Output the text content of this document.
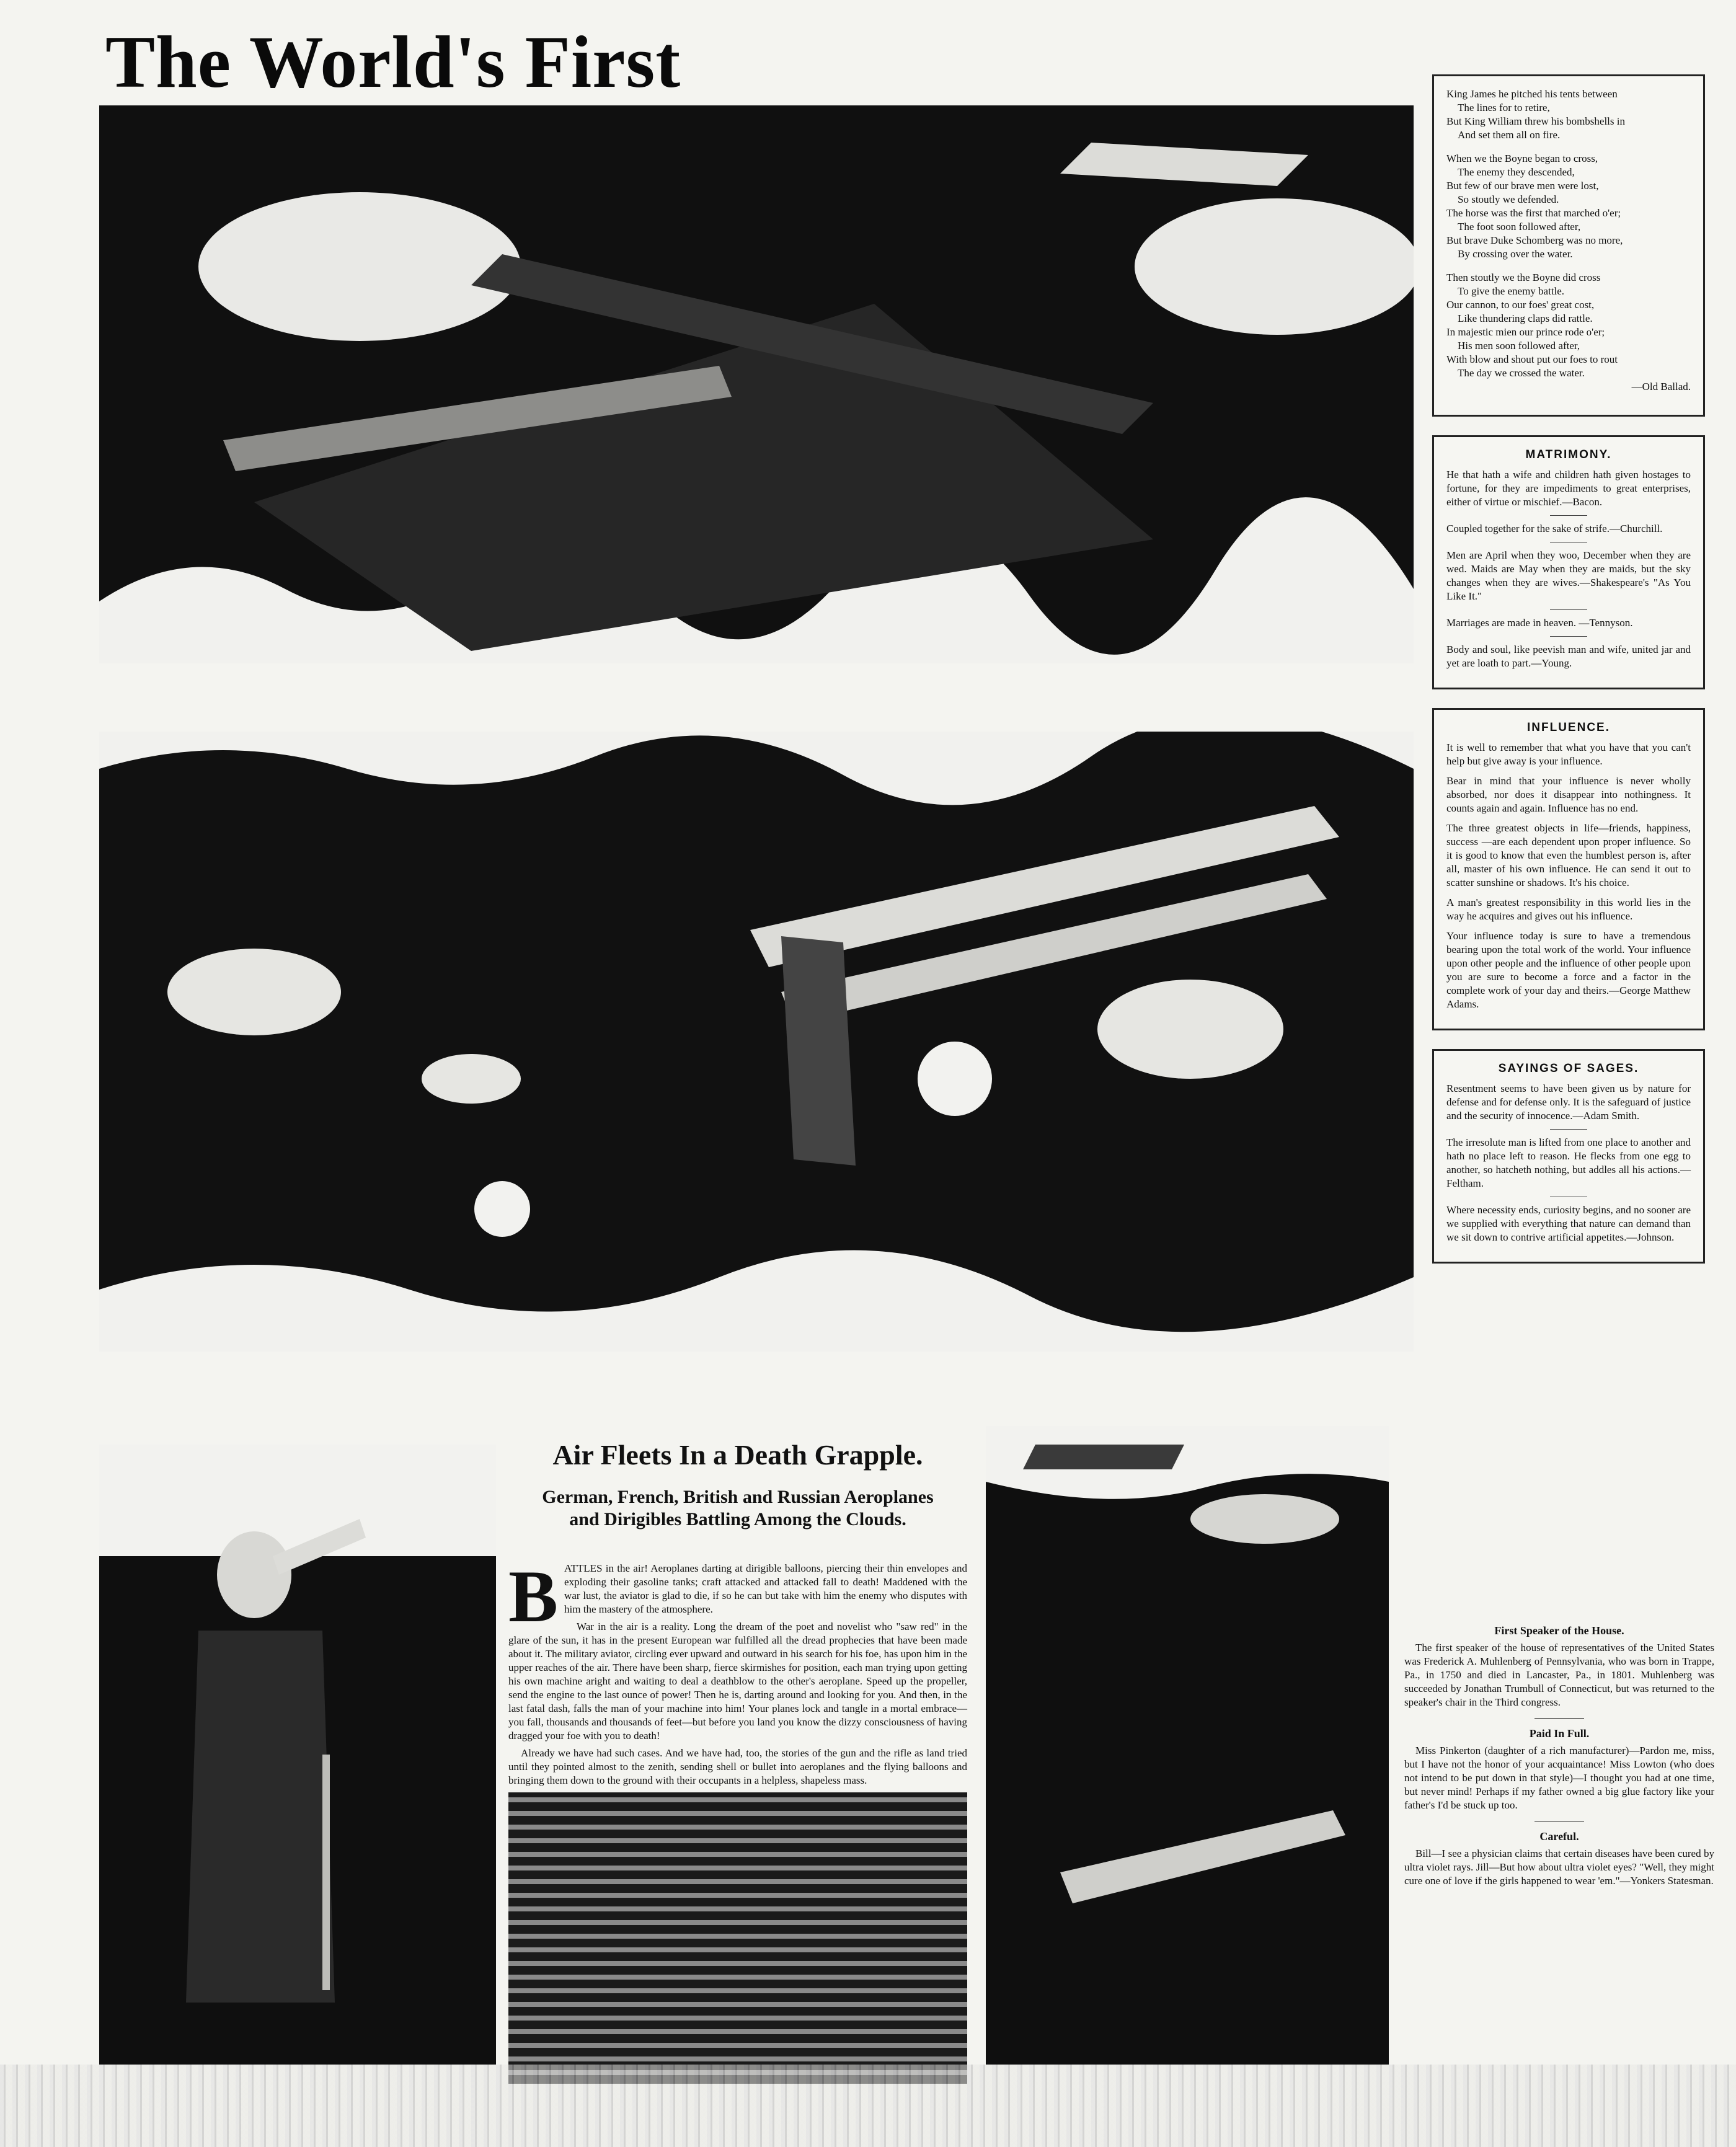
The World's First	King James he pitched his tents between
The lines for to retire,
But King William threw his bombshells in
And set them all on fire.
When we the Boyne began to cross,
The enemy they descended,
But few of our brave men were lost,
So stoutly we defended.
The horse was the first that marched o'er;
The foot soon followed after,
But brave Duke Schomberg was no more,
By crossing over the water.
Then stoutly we the Boyne did cross
To give the enemy battle.
Our cannon, to our foes' great cost,
Like thundering claps did rattle.
In majestic mien our prince rode o'er;
His men soon followed after,
With blow and shout put our foes to rout
The day we crossed the water.
—Old Ballad.
MATRIMONY.

He that hath a wife and children hath given hostages to fortune, for they are impediments to great enterprises, either of virtue or mischief.—Bacon.

Coupled together for the sake of strife.—Churchill.

Men are April when they woo, December when they are wed. Maids are May when they are maids, but the sky changes when they are wives.—Shakespeare's "As You Like It."

Marriages are made in heaven. —Tennyson.

Body and soul, like peevish man and wife, united jar and yet are loath to part.—Young.

INFLUENCE.

It is well to remember that what you have that you can't help but give away is your influence.

Bear in mind that your influence is never wholly absorbed, nor does it disappear into nothingness. It counts again and again. Influence has no end.

The three greatest objects in life—friends, happiness, success —are each dependent upon proper influence. So it is good to know that even the humblest person is, after all, master of his own influence. He can send it out to scatter sunshine or shadows. It's his choice.

A man's greatest responsibility in this world lies in the way he acquires and gives out his influence.

Your influence today is sure to have a tremendous bearing upon the total work of the world. Your influence upon other people and the influence of other people upon you are sure to become a force and a factor in the complete work of your day and theirs.—George Matthew Adams.

SAYINGS OF SAGES.

Resentment seems to have been given us by nature for defense and for defense only. It is the safeguard of justice and the security of innocence.—Adam Smith.

The irresolute man is lifted from one place to another and hath no place left to reason. He flecks from one egg to another, so hatcheth nothing, but addles all his actions.—Feltham.

Where necessity ends, curiosity begins, and no sooner are we supplied with everything that nature can demand than we sit down to contrive artificial appetites.—Johnson.

First Speaker of the House.

The first speaker of the house of representatives of the United States was Frederick A. Muhlenberg of Pennsylvania, who was born in Trappe, Pa., in 1750 and died in Lancaster, Pa., in 1801. Muhlenberg was succeeded by Jonathan Trumbull of Connecticut, but was returned to the speaker's chair in the Third congress.

Paid In Full.

Miss Pinkerton (daughter of a rich manufacturer)—Pardon me, miss, but I have not the honor of your acquaintance! Miss Lowton (who does not intend to be put down in that style)—I thought you had at one time, but never mind! Perhaps if my father owned a big glue factory like your father's I'd be stuck up too.

Careful.

Bill—I see a physician claims that certain diseases have been cured by ultra violet rays. Jill—But how about ultra violet eyes? "Well, they might cure one of love if the girls happened to wear 'em."—Yonkers Statesman.

Air Fleets In a Death Grapple.
German, French, British and Russian Aeroplanes and Dirigibles Battling Among the Clouds.

BATTLES in the air! Aeroplanes darting at dirigible balloons, piercing their thin envelopes and exploding their gasoline tanks; craft attacked and attacked fall to death! Maddened with the war lust, the aviator is glad to die, if so he can but take with him the enemy who disputes with him the mastery of the atmosphere.

War in the air is a reality. Long the dream of the poet and novelist who "saw red" in the glare of the sun, it has in the present European war fulfilled all the dread prophecies that have been made about it. The military aviator, circling ever upward and outward in his search for his foe, has upon him in the upper reaches of the air. There have been sharp, fierce skirmishes for position, each man trying upon getting his own machine aright and waiting to deal a deathblow to the other's aeroplane. Speed up the propeller, send the engine to the last ounce of power! Then he is, darting around and looking for you. And then, in the last fatal dash, falls the man of your machine into him! Your planes lock and tangle in a mortal embrace—you fall, thousands and thousands of feet—but before you land you know the dizzy consciousness of having dragged your foe with you to death!

Already we have had such cases. And we have had, too, the stories of the gun and the rifle as land tried until they pointed almost to the zenith, sending shell or bullet into aeroplanes and the flying balloons and bringing them down to the ground with their occupants in a helpless, shapeless mass.
